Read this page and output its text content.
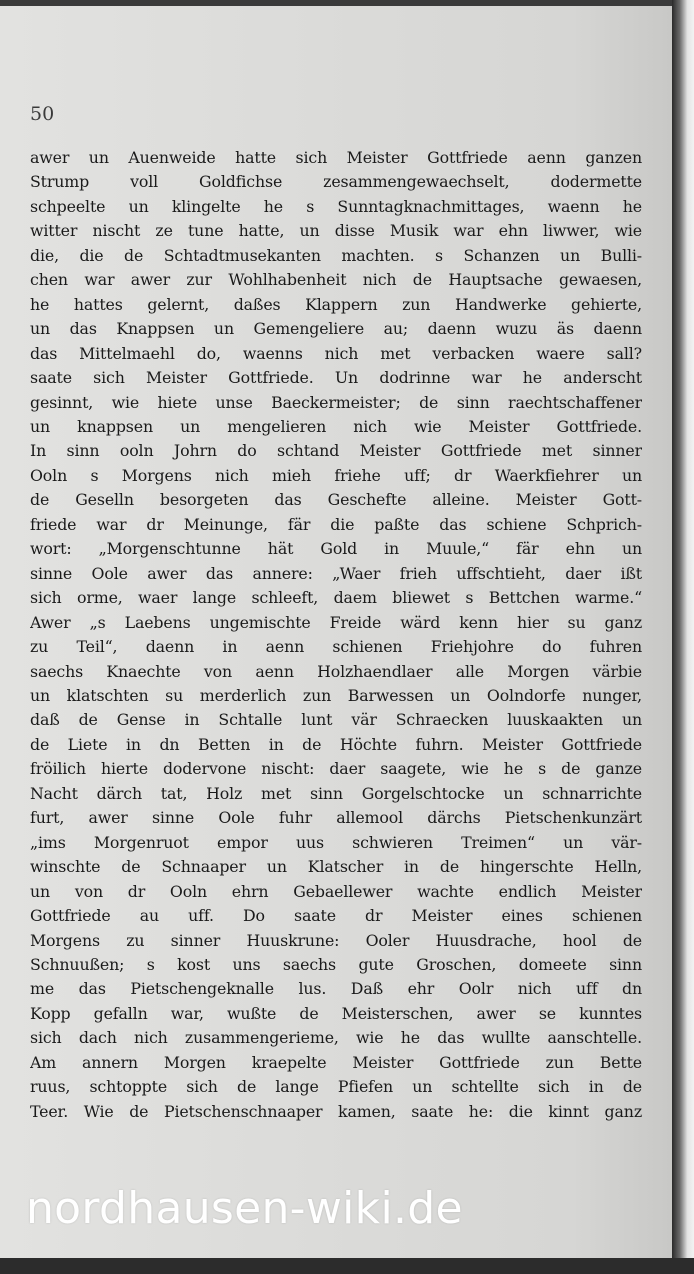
50
awer un Auenweide hatte sich Meister Gottfriede aenn ganzen
Strump voll Goldfichse zesammengewaechselt, dodermette
schpeelte un klingelte he s Sunntagknachmittages, waenn he
witter nischt ze tune hatte, un disse Musik war ehn liwwer, wie
die, die de Schtadtmusekanten machten. s Schanzen un Bulli-
chen war awer zur Wohlhabenheit nich de Hauptsache gewaesen,
he hattes gelernt, daßes Klappern zun Handwerke gehierte,
un das Knappsen un Gemengeliere au; daenn wuzu äs daenn
das Mittelmaehl do, waenns nich met verbacken waere sall?
saate sich Meister Gottfriede. Un dodrinne war he anderscht
gesinnt, wie hiete unse Baeckermeister; de sinn raechtschaffener
un knappsen un mengelieren nich wie Meister Gottfriede.
In sinn ooln Johrn do schtand Meister Gottfriede met sinner
Ooln s Morgens nich mieh friehe uff; dr Waerkfiehrer un
de Geselln besorgeten das Geschefte alleine. Meister Gott-
friede war dr Meinunge, fär die paßte das schiene Schprich-
wort: „Morgenschtunne hät Gold in Muule,“ fär ehn un
sinne Oole awer das annere: „Waer frieh uffschtieht, daer ißt
sich orme, waer lange schleeft, daem bliewet s Bettchen warme.“
Awer „s Laebens ungemischte Freide wärd kenn hier su ganz
zu Teil“, daenn in aenn schienen Friehjohre do fuhren
saechs Knaechte von aenn Holzhaendlaer alle Morgen värbie
un klatschten su merderlich zun Barwessen un Oolndorfe nunger,
daß de Gense in Schtalle lunt vär Schraecken luuskaakten un
de Liete in dn Betten in de Höchte fuhrn. Meister Gottfriede
fröilich hierte dodervone nischt: daer saagete, wie he s de ganze
Nacht därch tat, Holz met sinn Gorgelschtocke un schnarrichte
furt, awer sinne Oole fuhr allemool därchs Pietschenkunzärt
„ims Morgenruot empor uus schwieren Treimen“ un vär-
winschte de Schnaaper un Klatscher in de hingerschte Helln,
un von dr Ooln ehrn Gebaellewer wachte endlich Meister
Gottfriede au uff. Do saate dr Meister eines schienen
Morgens zu sinner Huuskrune: Ooler Huusdrache, hool de
Schnuußen; s kost uns saechs gute Groschen, domeete sinn
me das Pietschengeknalle lus. Daß ehr Oolr nich uff dn
Kopp gefalln war, wußte de Meisterschen, awer se kunntes
sich dach nich zusammengerieme, wie he das wullte aanschtelle.
Am annern Morgen kraepelte Meister Gottfriede zun Bette
ruus, schtoppte sich de lange Pfiefen un schtellte sich in de
Teer. Wie de Pietschenschnaaper kamen, saate he: die kinnt ganz
nordhausen-wiki.de
